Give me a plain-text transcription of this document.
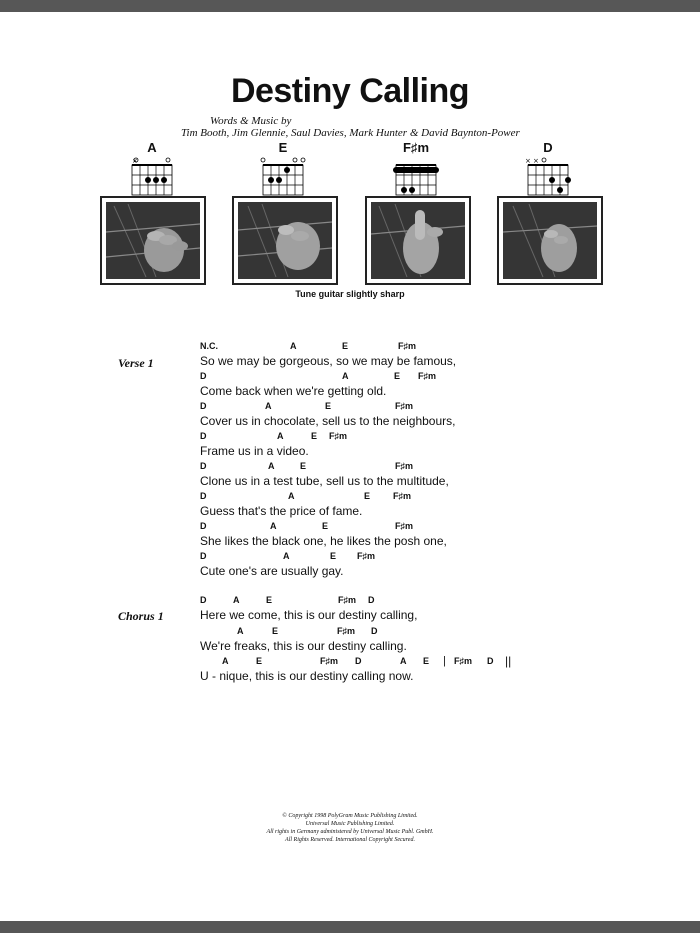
Destiny Calling
Words & Music by
Tim Booth, Jim Glennie, Saul Davies, Mark Hunter & David Baynton-Power
A
×
E	F♯m	D
× ×
Tune guitar slightly sharp
Verse 1
N.C.	A	E	F♯m
So we may be gorgeous, so we may be famous,
D	A	E F♯m
Come back when we're getting old.
D	A	E	F♯m
Cover us in chocolate, sell us to the neighbours,
D	A	E F♯m
Frame us in a video.
D	A	E	F♯m
Clone us in a test tube, sell us to the multitude,
D	A	E	F♯m
Guess that's the price of fame.
D	A	E	F♯m
She likes the black one, he likes the posh one,
D	A	E F♯m
Cute one's are usually gay.
Chorus 1
D	A	E	F♯m D
Here we come, this is our destiny calling,
A	E	F♯m D
We're freaks, this is our destiny calling.
A	E	F♯m D	A E | F♯m D ||
U - nique, this is our destiny calling now.
© Copyright 1998 PolyGram Music Publishing Limited.
Universal Music Publishing Limited.
All rights in Germany administered by Universal Music Publ. GmbH.
All Rights Reserved. International Copyright Secured.
